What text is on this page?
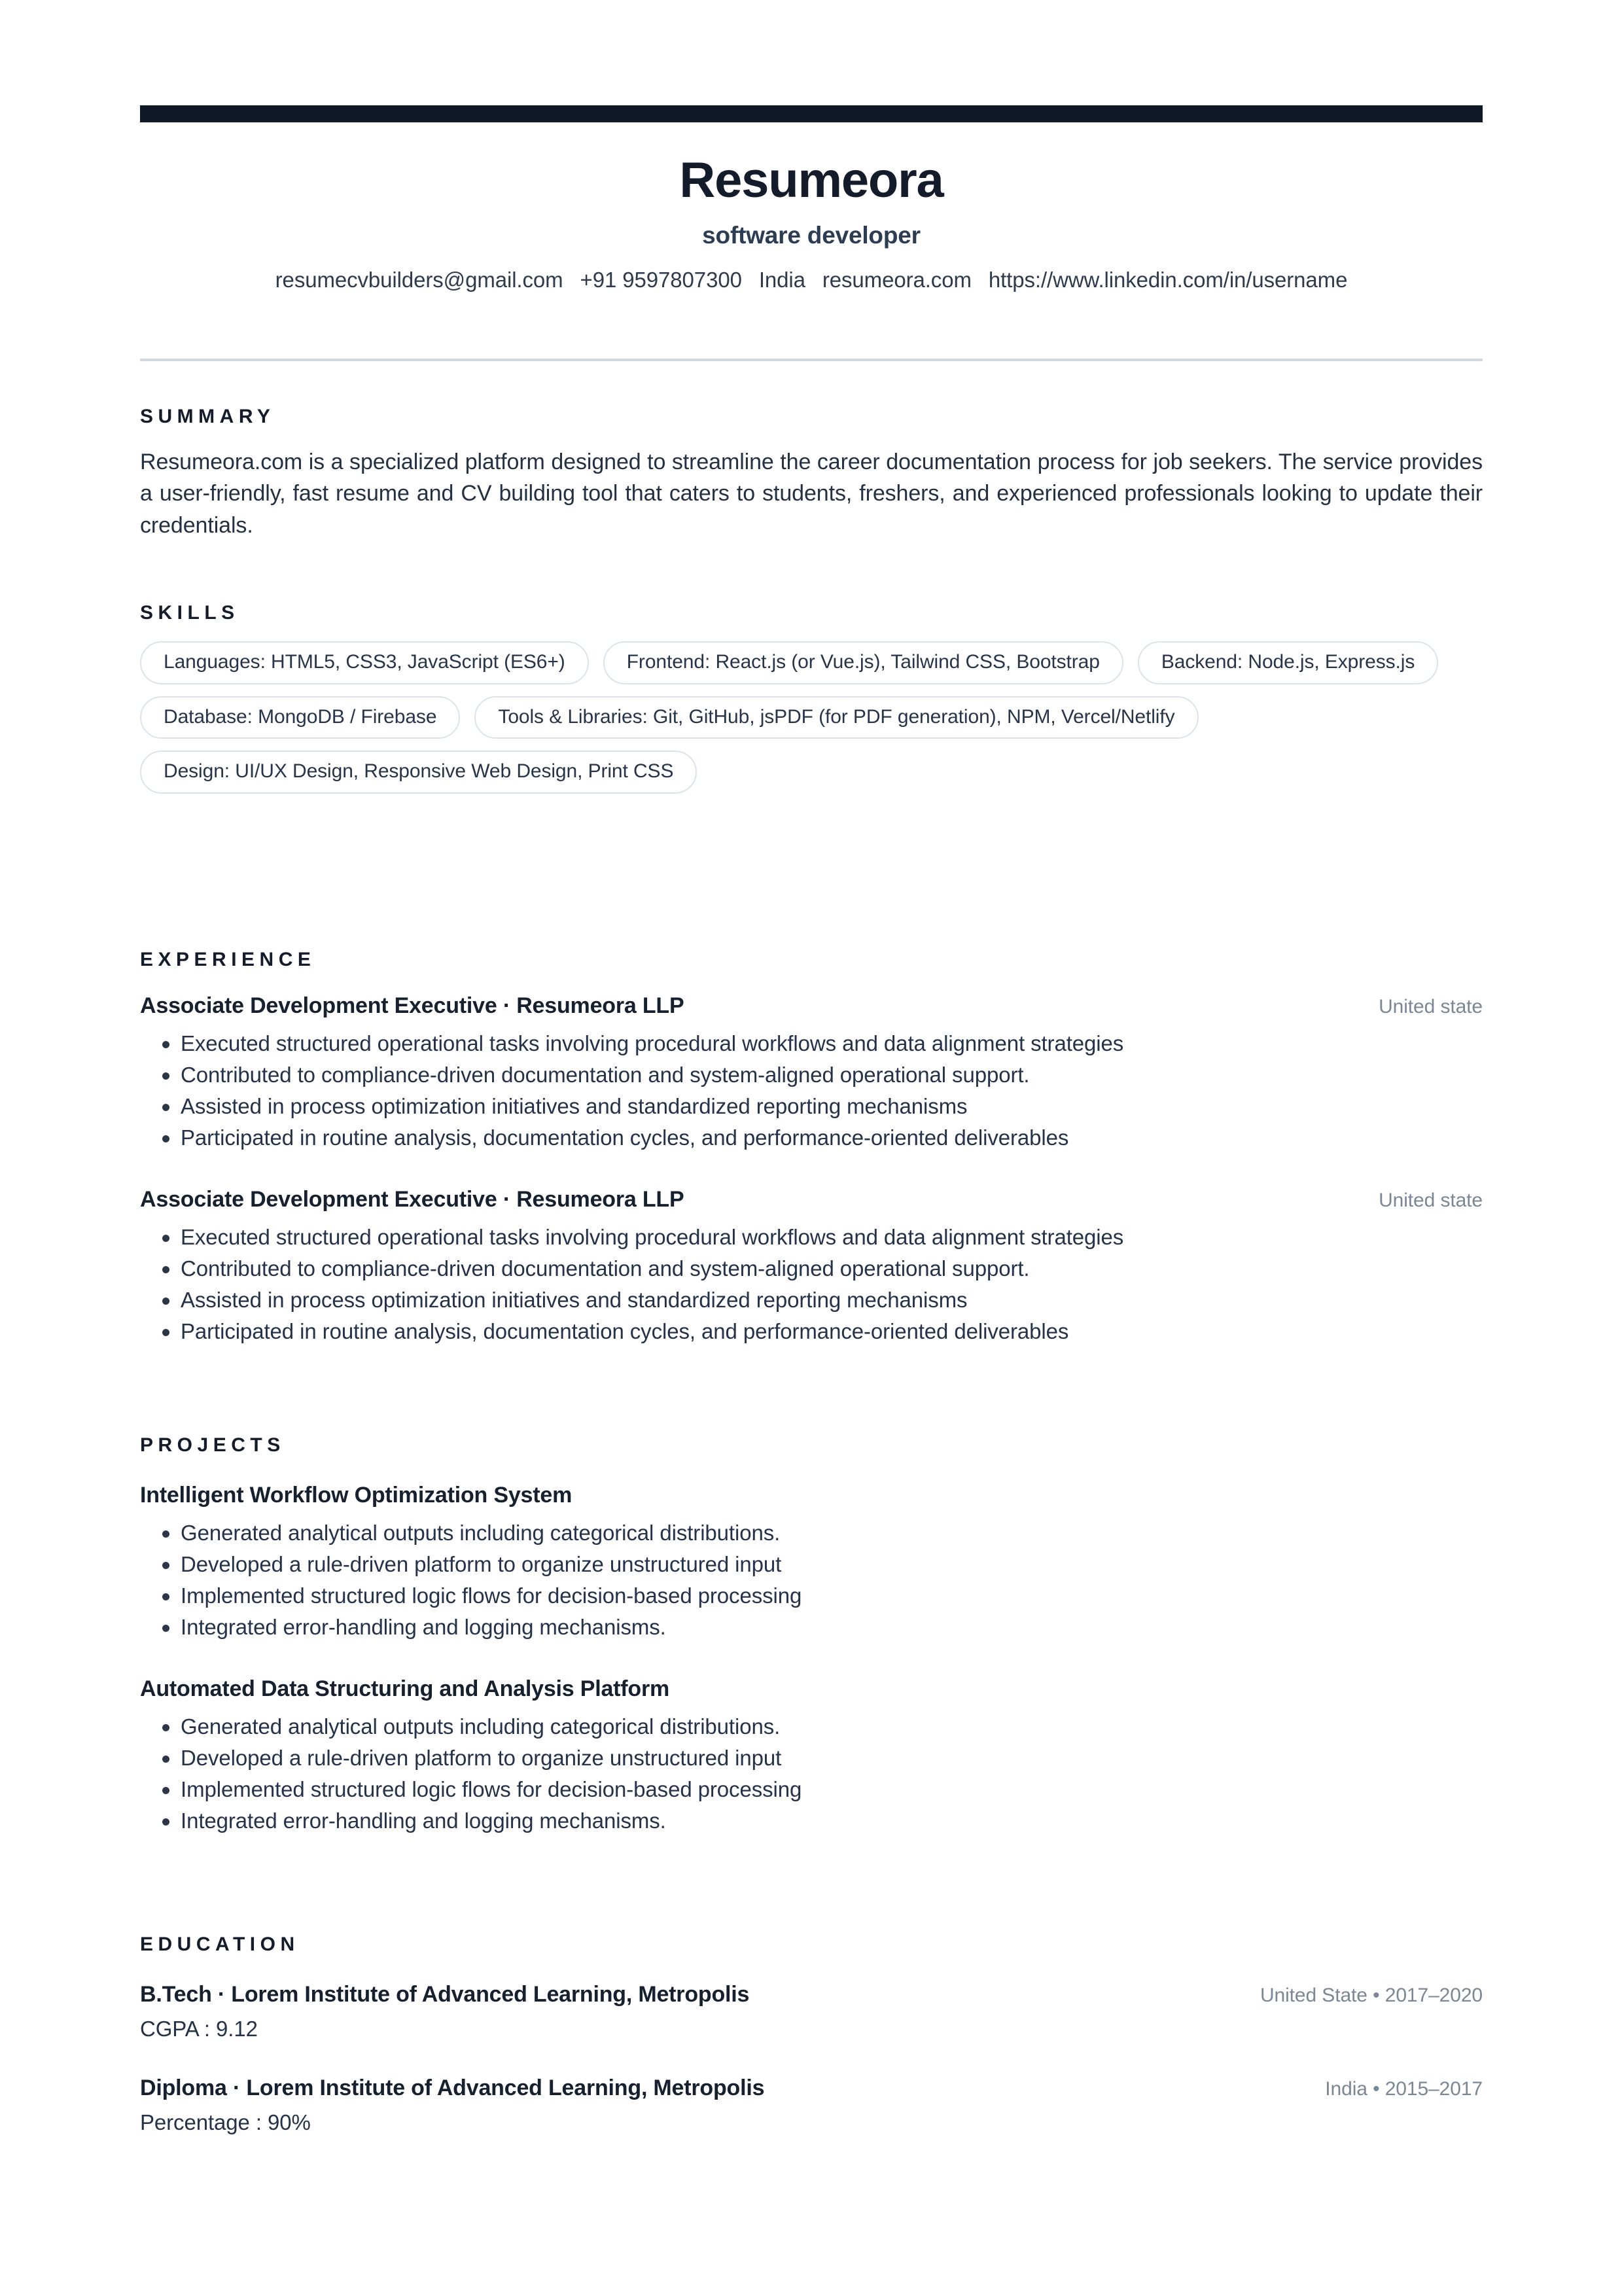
Resumeora
software developer
resumecvbuilders@gmail.com +91 9597807300 India resumeora.com https://www.linkedin.com/in/username
SUMMARY
Resumeora.com is a specialized platform designed to streamline the career documentation process for job seekers. The service provides a user-friendly, fast resume and CV building tool that caters to students, freshers, and experienced professionals looking to update their credentials.
SKILLS
Languages: HTML5, CSS3, JavaScript (ES6+)	Frontend: React.js (or Vue.js), Tailwind CSS, Bootstrap	Backend: Node.js, Express.js
Database: MongoDB / Firebase	Tools & Libraries: Git, GitHub, jsPDF (for PDF generation), NPM, Vercel/Netlify
Design: UI/UX Design, Responsive Web Design, Print CSS
EXPERIENCE
Associate Development Executive · Resumeora LLP	United state
Executed structured operational tasks involving procedural workflows and data alignment strategies
Contributed to compliance-driven documentation and system-aligned operational support.
Assisted in process optimization initiatives and standardized reporting mechanisms
Participated in routine analysis, documentation cycles, and performance-oriented deliverables
Associate Development Executive · Resumeora LLP	United state
Executed structured operational tasks involving procedural workflows and data alignment strategies
Contributed to compliance-driven documentation and system-aligned operational support.
Assisted in process optimization initiatives and standardized reporting mechanisms
Participated in routine analysis, documentation cycles, and performance-oriented deliverables
PROJECTS
Intelligent Workflow Optimization System
Generated analytical outputs including categorical distributions.
Developed a rule-driven platform to organize unstructured input
Implemented structured logic flows for decision-based processing
Integrated error-handling and logging mechanisms.
Automated Data Structuring and Analysis Platform
Generated analytical outputs including categorical distributions.
Developed a rule-driven platform to organize unstructured input
Implemented structured logic flows for decision-based processing
Integrated error-handling and logging mechanisms.
EDUCATION
B.Tech · Lorem Institute of Advanced Learning, Metropolis	United State • 2017–2020
CGPA : 9.12
Diploma · Lorem Institute of Advanced Learning, Metropolis	India • 2015–2017
Percentage : 90%
